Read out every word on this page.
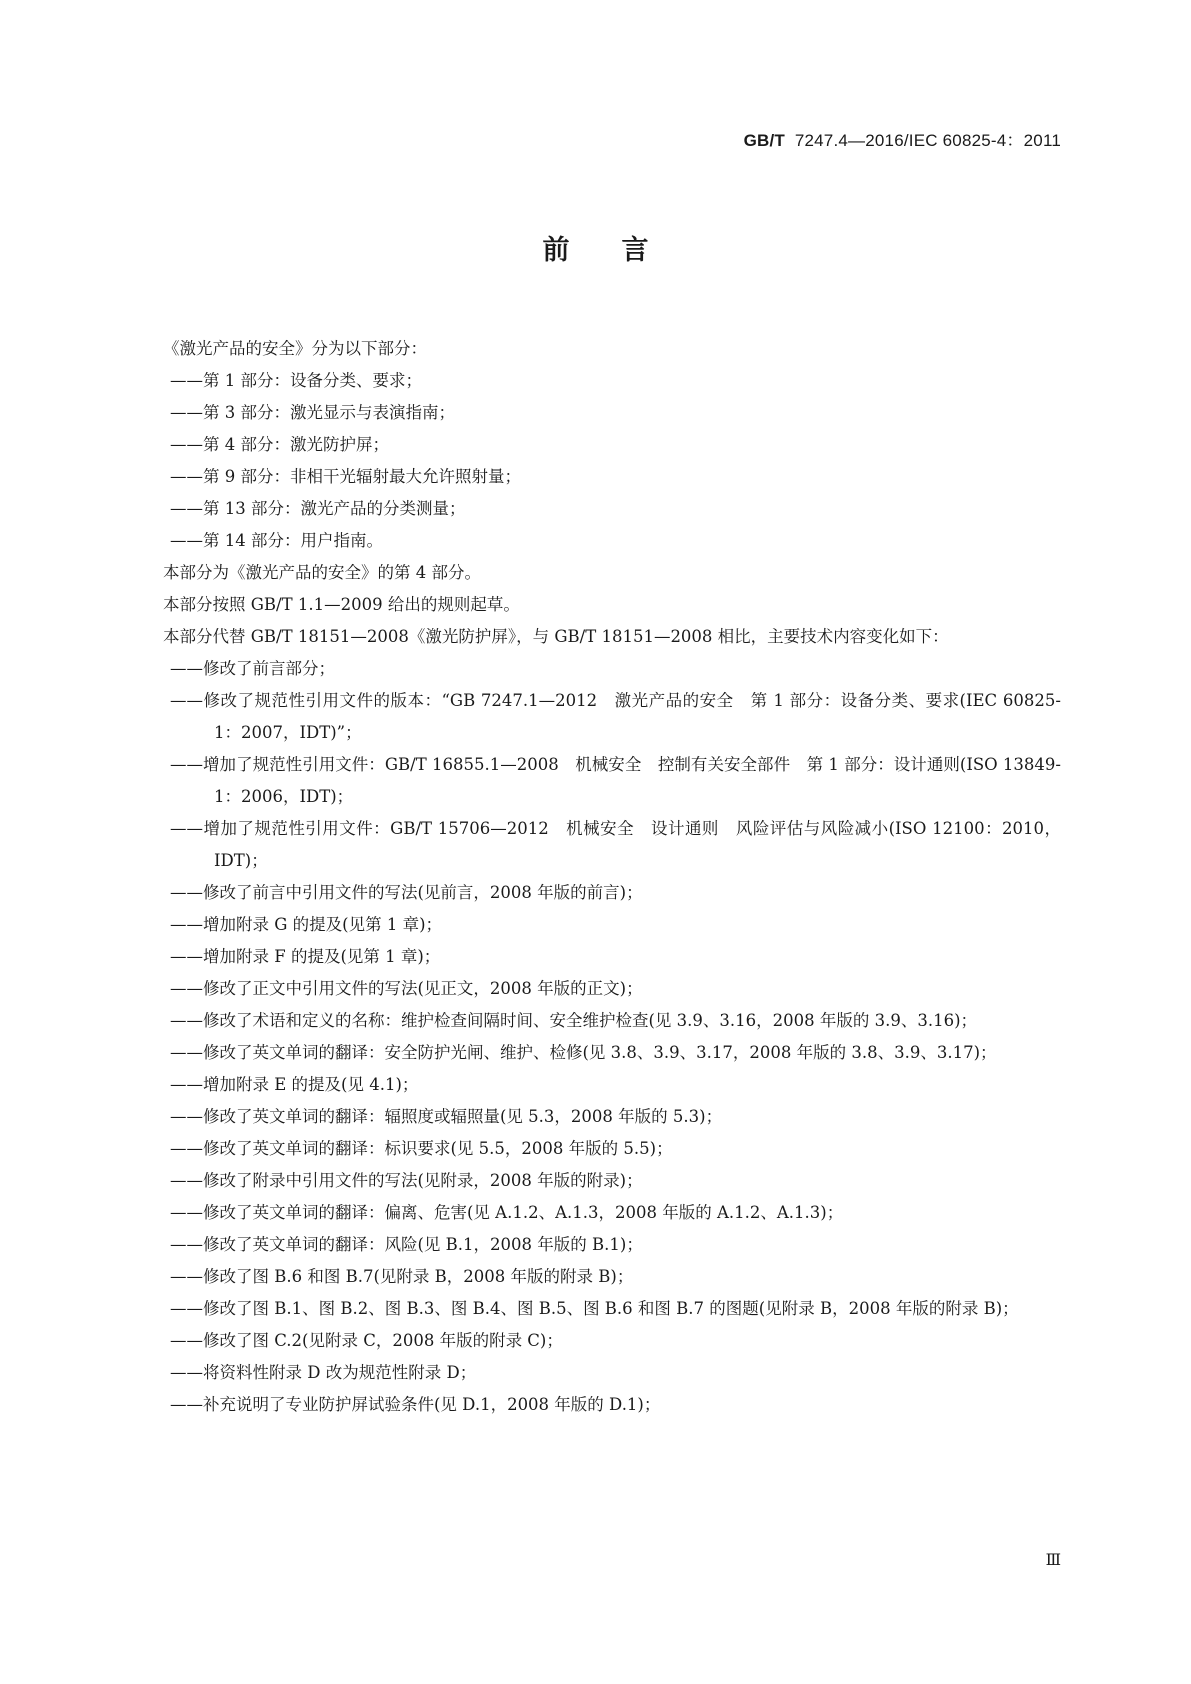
GB/T 7247.4—2016/IEC 60825-4：2011
前言

《激光产品的安全》分为以下部分：

——第 1 部分：设备分类、要求；

——第 3 部分：激光显示与表演指南；

——第 4 部分：激光防护屏；

——第 9 部分：非相干光辐射最大允许照射量；

——第 13 部分：激光产品的分类测量；

——第 14 部分：用户指南。

本部分为《激光产品的安全》的第 4 部分。

本部分按照 GB/T 1.1—2009 给出的规则起草。

本部分代替 GB/T 18151—2008《激光防护屏》，与 GB/T 18151—2008 相比，主要技术内容变化如下：

——修改了前言部分；

——修改了规范性引用文件的版本：“GB 7247.1—2012　激光产品的安全　第 1 部分：设备分类、要求(IEC 60825-1：2007，IDT)”；

——增加了规范性引用文件：GB/T 16855.1—2008　机械安全　控制有关安全部件　第 1 部分：设计通则(ISO 13849-1：2006，IDT)；

——增加了规范性引用文件：GB/T 15706—2012　机械安全　设计通则　风险评估与风险减小(ISO 12100：2010，IDT)；

——修改了前言中引用文件的写法(见前言，2008 年版的前言)；

——增加附录 G 的提及(见第 1 章)；

——增加附录 F 的提及(见第 1 章)；

——修改了正文中引用文件的写法(见正文，2008 年版的正文)；

——修改了术语和定义的名称：维护检查间隔时间、安全维护检查(见 3.9、3.16，2008 年版的 3.9、3.16)；

——修改了英文单词的翻译：安全防护光闸、维护、检修(见 3.8、3.9、3.17，2008 年版的 3.8、3.9、3.17)；

——增加附录 E 的提及(见 4.1)；

——修改了英文单词的翻译：辐照度或辐照量(见 5.3，2008 年版的 5.3)；

——修改了英文单词的翻译：标识要求(见 5.5，2008 年版的 5.5)；

——修改了附录中引用文件的写法(见附录，2008 年版的附录)；

——修改了英文单词的翻译：偏离、危害(见 A.1.2、A.1.3，2008 年版的 A.1.2、A.1.3)；

——修改了英文单词的翻译：风险(见 B.1，2008 年版的 B.1)；

——修改了图 B.6 和图 B.7(见附录 B，2008 年版的附录 B)；

——修改了图 B.1、图 B.2、图 B.3、图 B.4、图 B.5、图 B.6 和图 B.7 的图题(见附录 B，2008 年版的附录 B)；

——修改了图 C.2(见附录 C，2008 年版的附录 C)；

——将资料性附录 D 改为规范性附录 D；

——补充说明了专业防护屏试验条件(见 D.1，2008 年版的 D.1)；

Ⅲ
